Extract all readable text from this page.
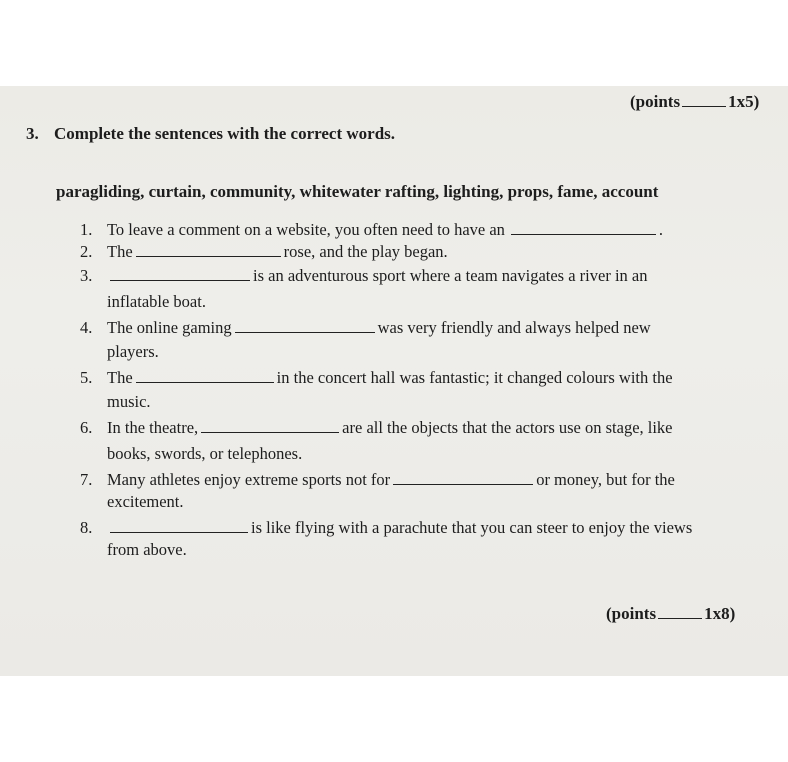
(points	1x5)
3. Complete the sentences with the correct words.
paragliding, curtain, community, whitewater rafting, lighting, props, fame, account
1. To leave a comment on a website, you often need to have an	.
2. The	rose, and the play began.
3.	is an adventurous sport where a team navigates a river in an
inflatable boat.
4. The online gaming	was very friendly and always helped new
players.
5. The	in the concert hall was fantastic; it changed colours with the
music.
6. In the theatre,	are all the objects that the actors use on stage, like
books, swords, or telephones.
7. Many athletes enjoy extreme sports not for	or money, but for the
excitement.
8.	is like flying with a parachute that you can steer to enjoy the views
from above.
(points	1x8)
